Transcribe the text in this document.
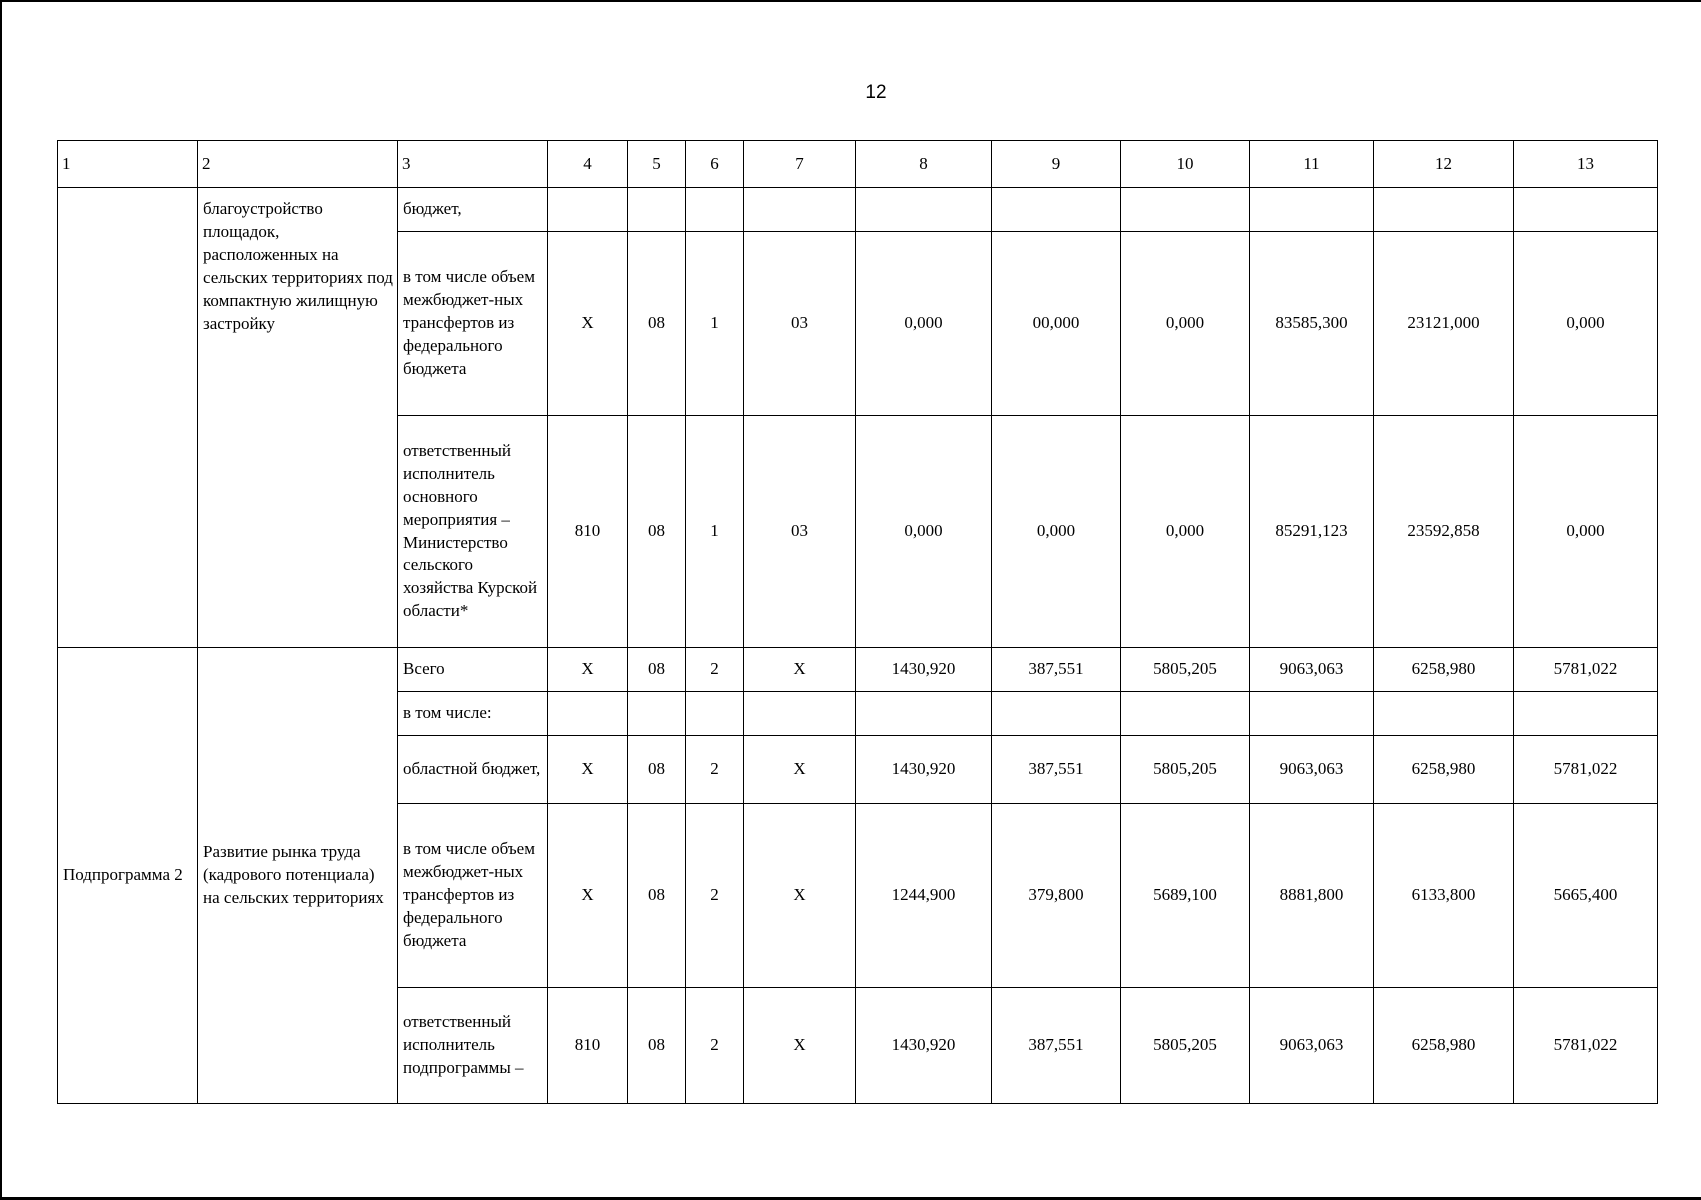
12
1	2	3	4	5	6	7	8	9	10	11	12	13
	благоустройство площадок, расположенных на сельских территориях под компактную жилищную застройку	бюджет,										
		в том числе объем межбюджет-ных трансфертов из федерального бюджета	X	08	1	03	0,000	00,000	0,000	83585,300	23121,000	0,000
		ответственный исполнитель основного мероприятия – Министерство сельского хозяйства Курской области*	810	08	1	03	0,000	0,000	0,000	85291,123	23592,858	0,000
Подпрограмма 2	Развитие рынка труда (кадрового потенциала) на сельских территориях	Всего	X	08	2	X	1430,920	387,551	5805,205	9063,063	6258,980	5781,022
		в том числе:										
		областной бюджет,	X	08	2	X	1430,920	387,551	5805,205	9063,063	6258,980	5781,022
		в том числе объем межбюджет-ных трансфертов из федерального бюджета	X	08	2	X	1244,900	379,800	5689,100	8881,800	6133,800	5665,400
		ответственный исполнитель подпрограммы –	810	08	2	X	1430,920	387,551	5805,205	9063,063	6258,980	5781,022
